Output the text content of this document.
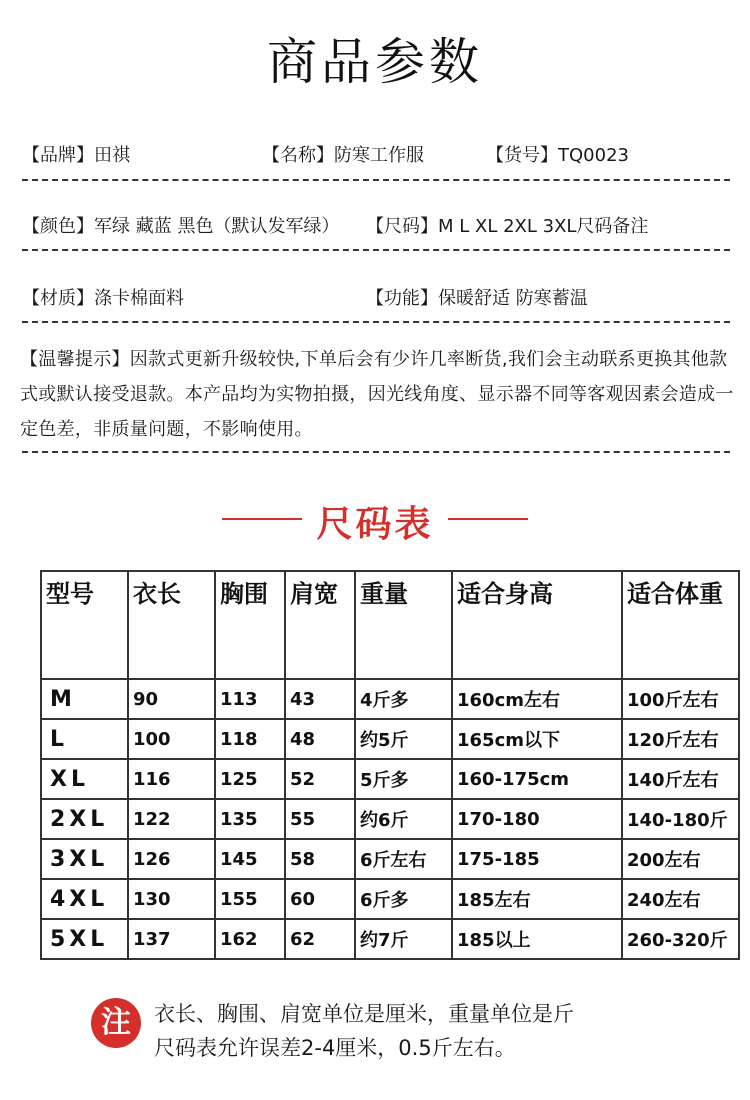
商品参数
【品牌】田祺	【名称】防寒工作服	【货号】TQ0023
【颜色】军绿 藏蓝 黑色（默认发军绿） 【尺码】M L XL 2XL 3XL尺码备注
【材质】涤卡棉面料	【功能】保暖舒适 防寒蓄温
【温馨提示】因款式更新升级较快,下单后会有少许几率断货,我们会主动联系更换其他款式或默认接受退款。本产品均为实物拍摄，因光线角度、显示器不同等客观因素会造成一定色差，非质量问题，不影响使用。
尺码表
型号	衣长	胸围	肩宽	重量	适合身高	适合体重
M	90	113	43	4斤多	160cm左右	100斤左右
L	100	118	48	约5斤	165cm以下	120斤左右
XL	116	125	52	5斤多	160-175cm	140斤左右
2XL	122	135	55	约6斤	170-180	140-180斤
3XL	126	145	58	6斤左右	175-185	200左右
4XL	130	155	60	6斤多	185左右	240左右
5XL	137	162	62	约7斤	185以上	260-320斤
注	衣长、胸围、肩宽单位是厘米，重量单位是斤
尺码表允许误差2-4厘米，0.5斤左右。
